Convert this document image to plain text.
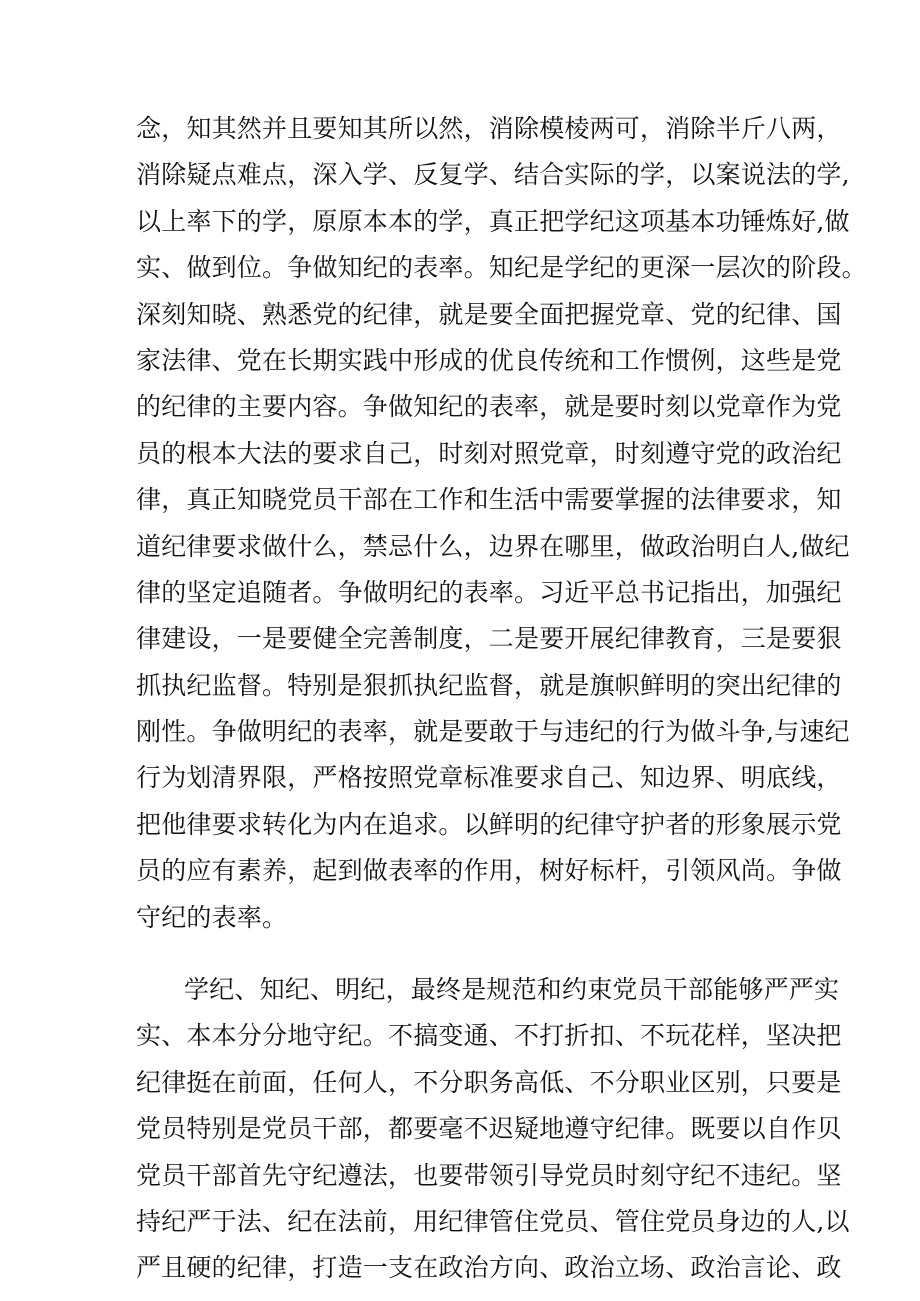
念，知其然并且要知其所以然，消除模棱两可，消除半斤八两，
消除疑点难点，深入学、反复学、结合实际的学，以案说法的学,
以上率下的学，原原本本的学，真正把学纪这项基本功锤炼好,做
实、做到位。争做知纪的表率。知纪是学纪的更深一层次的阶段。
深刻知晓、熟悉党的纪律，就是要全面把握党章、党的纪律、国
家法律、党在长期实践中形成的优良传统和工作惯例，这些是党
的纪律的主要内容。争做知纪的表率，就是要时刻以党章作为党
员的根本大法的要求自己，时刻对照党章，时刻遵守党的政治纪
律，真正知晓党员干部在工作和生活中需要掌握的法律要求，知
道纪律要求做什么，禁忌什么，边界在哪里，做政治明白人,做纪
律的坚定追随者。争做明纪的表率。习近平总书记指出，加强纪
律建设，一是要健全完善制度，二是要开展纪律教育，三是要狠
抓执纪监督。特别是狠抓执纪监督，就是旗帜鲜明的突出纪律的
刚性。争做明纪的表率，就是要敢于与违纪的行为做斗争,与速纪
行为划清界限，严格按照党章标准要求自己、知边界、明底线，
把他律要求转化为内在追求。以鲜明的纪律守护者的形象展示党
员的应有素养，起到做表率的作用，树好标杆，引领风尚。争做
守纪的表率。
学纪、知纪、明纪，最终是规范和约束党员干部能够严严实
实、本本分分地守纪。不搞变通、不打折扣、不玩花样，坚决把
纪律挺在前面，任何人，不分职务高低、不分职业区别，只要是
党员特别是党员干部，都要毫不迟疑地遵守纪律。既要以自作贝
党员干部首先守纪遵法，也要带领引导党员时刻守纪不违纪。坚
持纪严于法、纪在法前，用纪律管住党员、管住党员身边的人,以
严且硬的纪律，打造一支在政治方向、政治立场、政治言论、政
